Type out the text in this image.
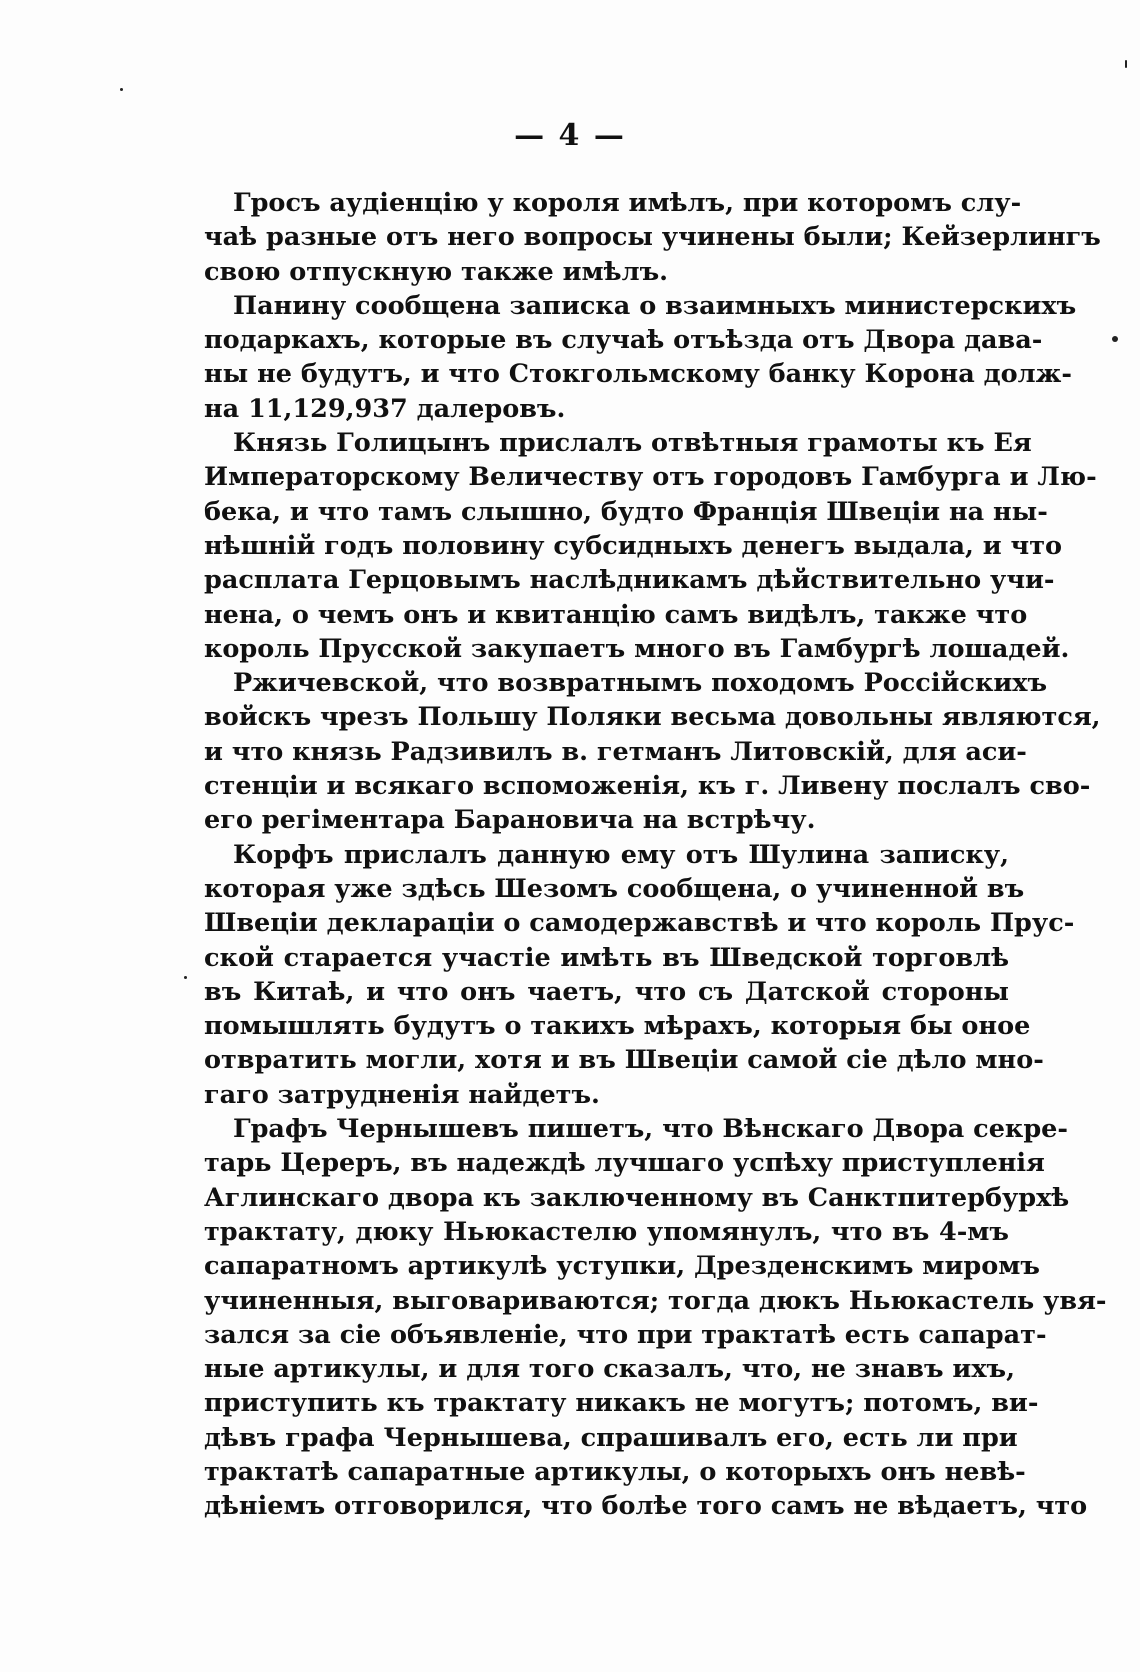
— 4 —

Гросъ аудіенцію у короля имѣлъ, при которомъ слу-
чаѣ разные отъ него вопросы учинены были; Кейзерлингъ
свою отпускную также имѣлъ.

Панину сообщена записка о взаимныхъ министерскихъ
подаркахъ, которые въ случаѣ отъѣзда отъ Двора дава-
ны не будутъ, и что Стокгольмскому банку Корона долж-
на 11,129,937 далеровъ.

Князь Голицынъ прислалъ отвѣтныя грамоты къ Ея
Императорскому Величеству отъ городовъ Гамбурга и Лю-
бека, и что тамъ слышно, будто Франція Швеціи на ны-
нѣшній годъ половину субсидныхъ денегъ выдала, и что
расплата Герцовымъ наслѣдникамъ дѣйствительно учи-
нена, о чемъ онъ и квитанцію самъ видѣлъ, также что
король Прусской закупаетъ много въ Гамбургѣ лошадей.

Ржичевской, что возвратнымъ походомъ Россійскихъ
войскъ чрезъ Польшу Поляки весьма довольны являются,
и что князь Радзивилъ в. гетманъ Литовскій, для аси-
стенціи и всякаго вспоможенія, къ г. Ливену послалъ сво-
его регіментара Барановича на встрѣчу.

Корфъ прислалъ данную ему отъ Шулина записку,
которая уже здѣсь Шезомъ сообщена, о учиненной въ
Швеціи деклараціи о самодержавствѣ и что король Прус-
ской старается участіе имѣть въ Шведской торговлѣ
въ Китаѣ, и что онъ чаетъ, что съ Датской стороны
помышлять будутъ о такихъ мѣрахъ, которыя бы оное
отвратить могли, хотя и въ Швеціи самой сіе дѣло мно-
гаго затрудненія найдетъ.

Графъ Чернышевъ пишетъ, что Вѣнскаго Двора секре-
тарь Цереръ, въ надеждѣ лучшаго успѣху приступленія
Аглинскаго двора къ заключенному въ Санктпитербурхѣ
трактату, дюку Ньюкастелю упомянулъ, что въ 4-мъ
сапаратномъ артикулѣ уступки, Дрезденскимъ миромъ
учиненныя, выговариваются; тогда дюкъ Ньюкастель увя-
зался за сіе объявленіе, что при трактатѣ есть сапарат-
ные артикулы, и для того сказалъ, что, не знавъ ихъ,
приступить къ трактату никакъ не могутъ; потомъ, ви-
дѣвъ графа Чернышева, спрашивалъ его, есть ли при
трактатѣ сапаратные артикулы, о которыхъ онъ невѣ-
дѣніемъ отговорился, что болѣе того самъ не вѣдаетъ, что
